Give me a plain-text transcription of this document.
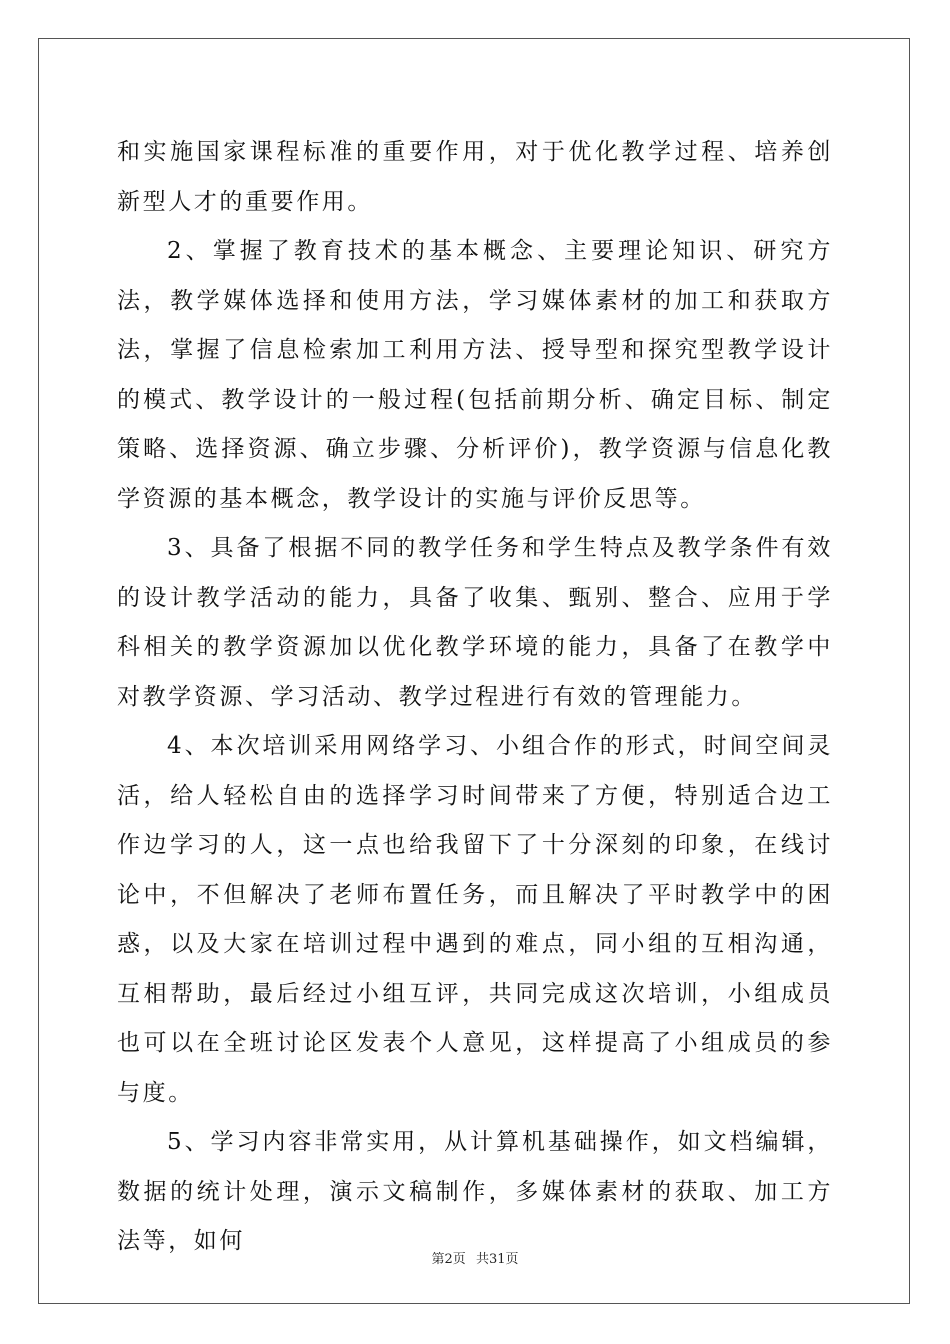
和实施国家课程标准的重要作用，对于优化教学过程、培养创新型人才的重要作用。

2、掌握了教育技术的基本概念、主要理论知识、研究方法，教学媒体选择和使用方法，学习媒体素材的加工和获取方法，掌握了信息检索加工利用方法、授导型和探究型教学设计的模式、教学设计的一般过程(包括前期分析、确定目标、制定策略、选择资源、确立步骤、分析评价)，教学资源与信息化教学资源的基本概念，教学设计的实施与评价反思等。

3、具备了根据不同的教学任务和学生特点及教学条件有效的设计教学活动的能力，具备了收集、甄别、整合、应用于学科相关的教学资源加以优化教学环境的能力，具备了在教学中对教学资源、学习活动、教学过程进行有效的管理能力。

4、本次培训采用网络学习、小组合作的形式，时间空间灵活，给人轻松自由的选择学习时间带来了方便，特别适合边工作边学习的人，这一点也给我留下了十分深刻的印象，在线讨论中，不但解决了老师布置任务，而且解决了平时教学中的困惑，以及大家在培训过程中遇到的难点，同小组的互相沟通，互相帮助，最后经过小组互评，共同完成这次培训，小组成员也可以在全班讨论区发表个人意见，这样提高了小组成员的参与度。

5、学习内容非常实用，从计算机基础操作，如文档编辑，数据的统计处理，演示文稿制作，多媒体素材的获取、加工方法等，如何

第2页 共31页
